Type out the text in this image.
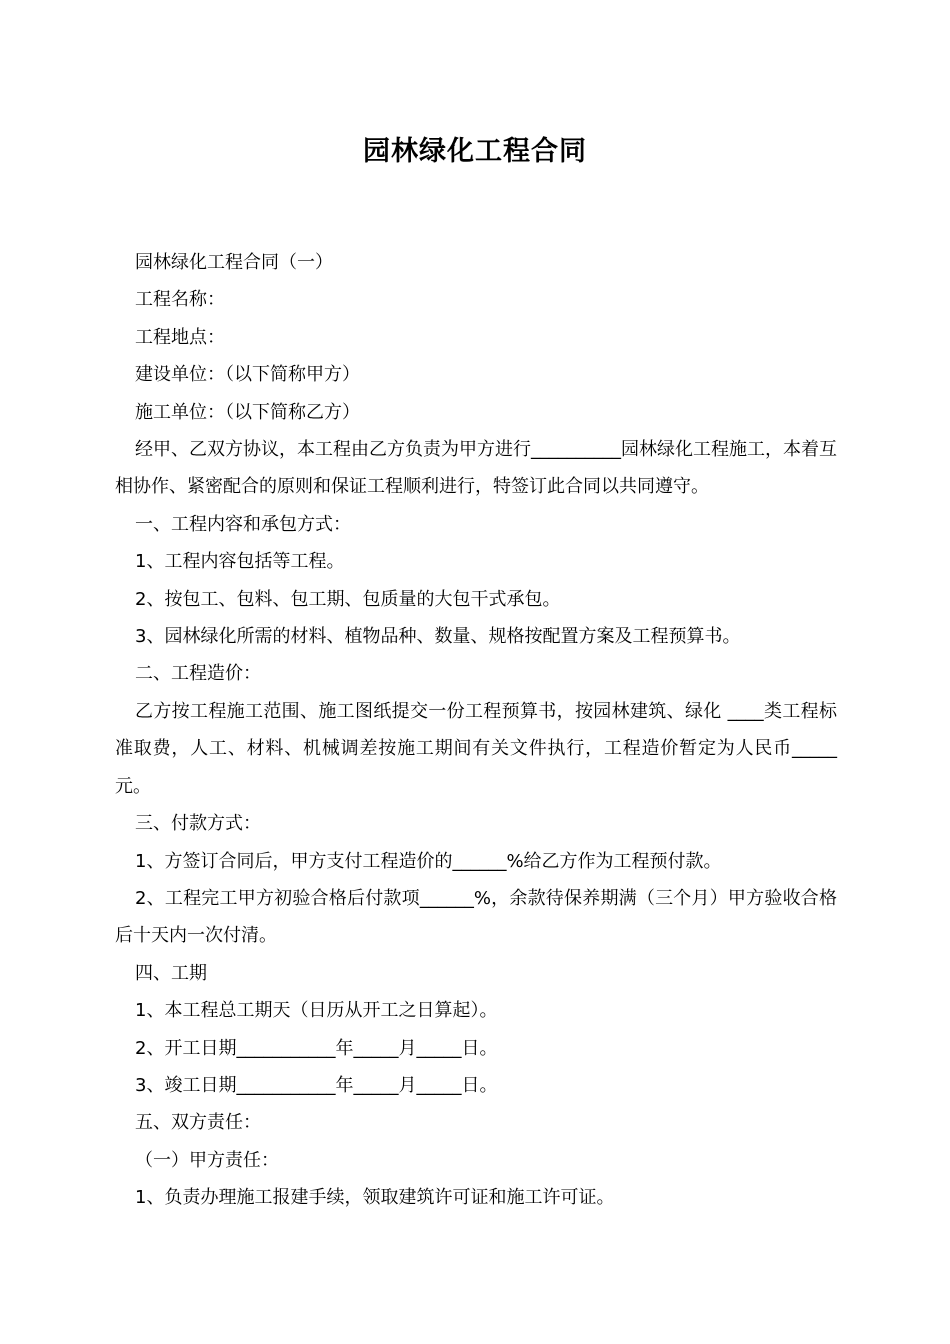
园林绿化工程合同

园林绿化工程合同（一）

工程名称：

工程地点：

建设单位：（以下简称甲方）

施工单位：（以下简称乙方）

经甲、乙双方协议，本工程由乙方负责为甲方进行__________园林绿化工程施工，本着互相协作、紧密配合的原则和保证工程顺利进行，特签订此合同以共同遵守。

一、工程内容和承包方式：

1、工程内容包括等工程。

2、按包工、包料、包工期、包质量的大包干式承包。

3、园林绿化所需的材料、植物品种、数量、规格按配置方案及工程预算书。

二、工程造价：

乙方按工程施工范围、施工图纸提交一份工程预算书，按园林建筑、绿化 ____类工程标准取费，人工、材料、机械调差按施工期间有关文件执行，工程造价暂定为人民币_____元。

三、付款方式：

1、方签订合同后，甲方支付工程造价的______%给乙方作为工程预付款。

2、工程完工甲方初验合格后付款项______%，余款待保养期满（三个月）甲方验收合格后十天内一次付清。

四、工期

1、本工程总工期天（日历从开工之日算起）。

2、开工日期___________年_____月_____日。

3、竣工日期___________年_____月_____日。

五、双方责任：

（一）甲方责任：

1、负责办理施工报建手续，领取建筑许可证和施工许可证。
